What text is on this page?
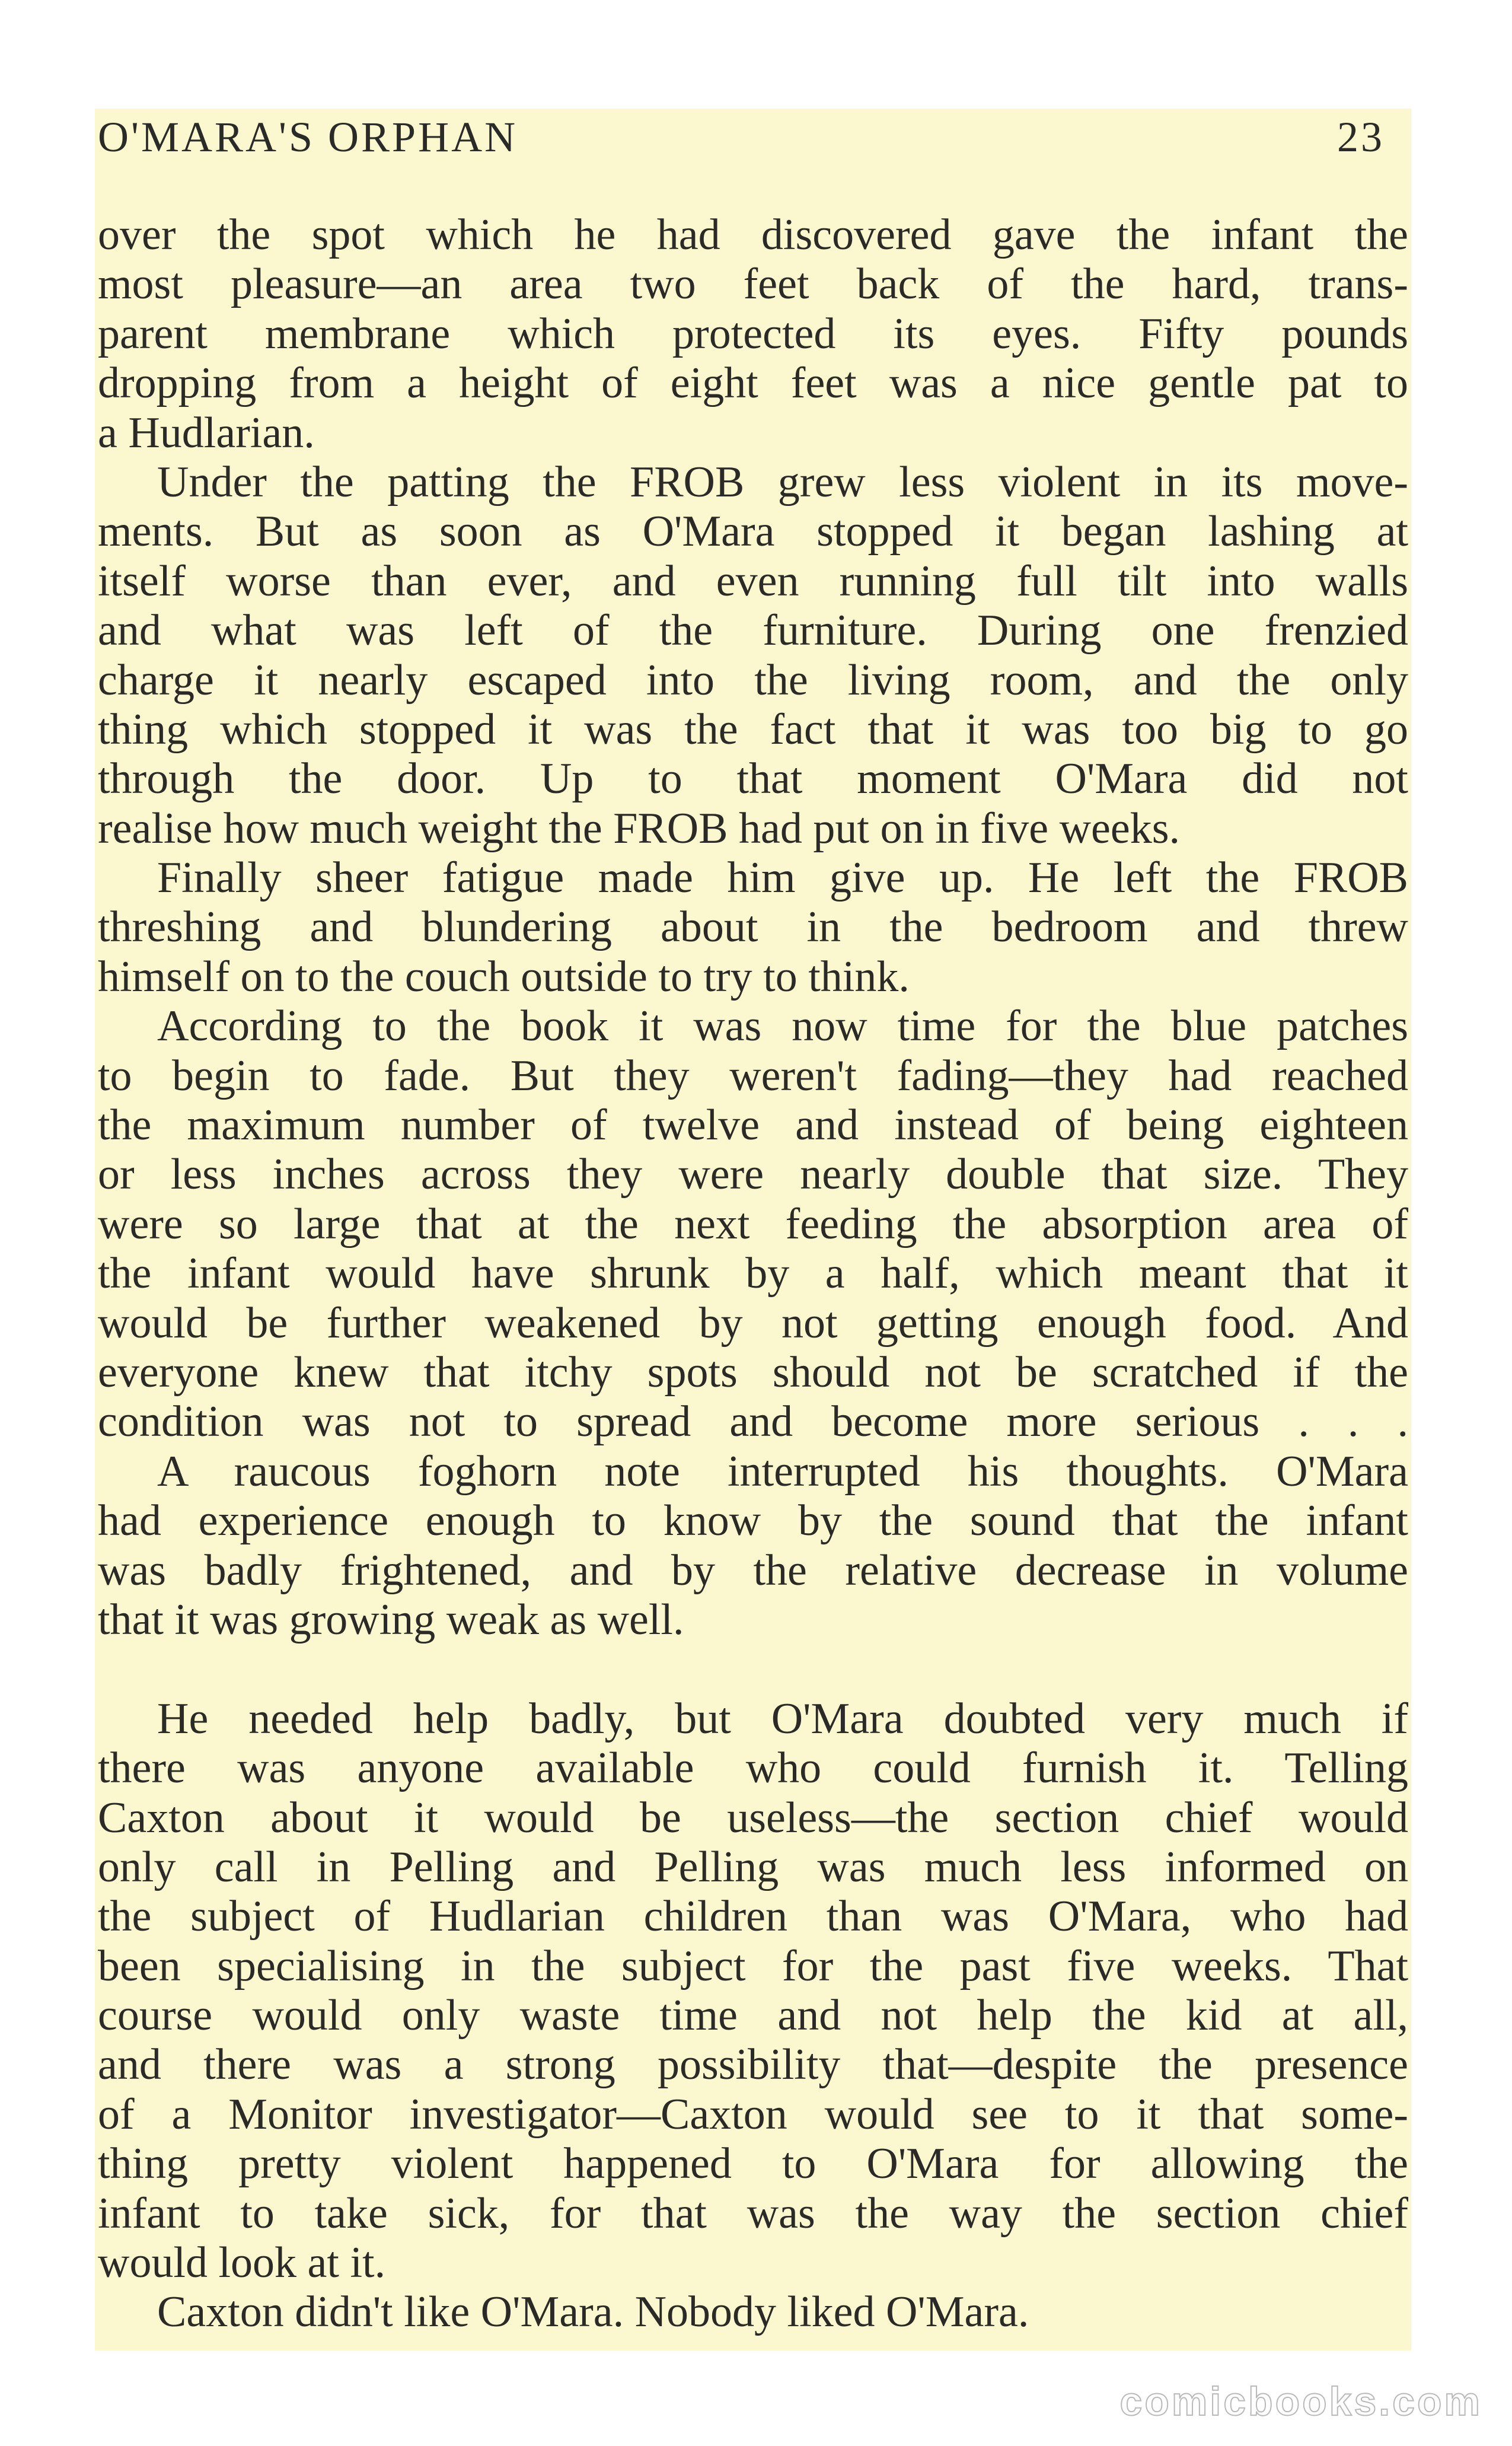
O'MARA'S ORPHAN	23
over the spot which he had discovered gave the infant the
most pleasure—an area two feet back of the hard, trans-
parent membrane which protected its eyes. Fifty pounds
dropping from a height of eight feet was a nice gentle pat to
a Hudlarian.
Under the patting the FROB grew less violent in its move-
ments. But as soon as O'Mara stopped it began lashing at
itself worse than ever, and even running full tilt into walls
and what was left of the furniture. During one frenzied
charge it nearly escaped into the living room, and the only
thing which stopped it was the fact that it was too big to go
through the door. Up to that moment O'Mara did not
realise how much weight the FROB had put on in five weeks.
Finally sheer fatigue made him give up. He left the FROB
threshing and blundering about in the bedroom and threw
himself on to the couch outside to try to think.
According to the book it was now time for the blue patches
to begin to fade. But they weren't fading—they had reached
the maximum number of twelve and instead of being eighteen
or less inches across they were nearly double that size. They
were so large that at the next feeding the absorption area of
the infant would have shrunk by a half, which meant that it
would be further weakened by not getting enough food. And
everyone knew that itchy spots should not be scratched if the
condition was not to spread and become more serious . . .
A raucous foghorn note interrupted his thoughts. O'Mara
had experience enough to know by the sound that the infant
was badly frightened, and by the relative decrease in volume
that it was growing weak as well.
He needed help badly, but O'Mara doubted very much if
there was anyone available who could furnish it. Telling
Caxton about it would be useless—the section chief would
only call in Pelling and Pelling was much less informed on
the subject of Hudlarian children than was O'Mara, who had
been specialising in the subject for the past five weeks. That
course would only waste time and not help the kid at all,
and there was a strong possibility that—despite the presence
of a Monitor investigator—Caxton would see to it that some-
thing pretty violent happened to O'Mara for allowing the
infant to take sick, for that was the way the section chief
would look at it.
Caxton didn't like O'Mara. Nobody liked O'Mara.
comicbooks.com
